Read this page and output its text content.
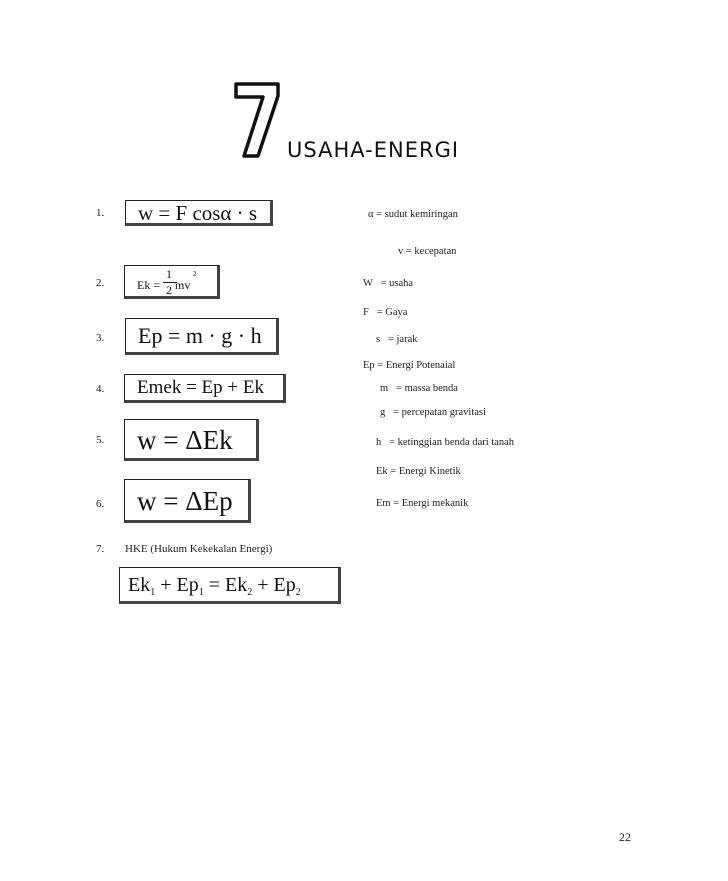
7
USAHA-ENERGI
1.
2.
3.
4.
5.
6.
7.
w = F cosα · s
Ek =
1
2 mv
2
Ep = m · g · h
Emek = Ep + Ek
w = ΔEk
w = ΔEp
HKE (Hukum Kekekalan Energi)
$Ek_1 + Ep_1 = Ek_2 + Ep_2$
α = sudut kemiringan
v = kecepatan
W   = usaha
F   = Gaya
s   = jarak
Ep = Energi Potenaial
m   = massa benda
g   = percepatan gravitasi
h   = ketinggian benda dari tanah
Ek = Energi Kinetik
Em = Energi mekanik
22
